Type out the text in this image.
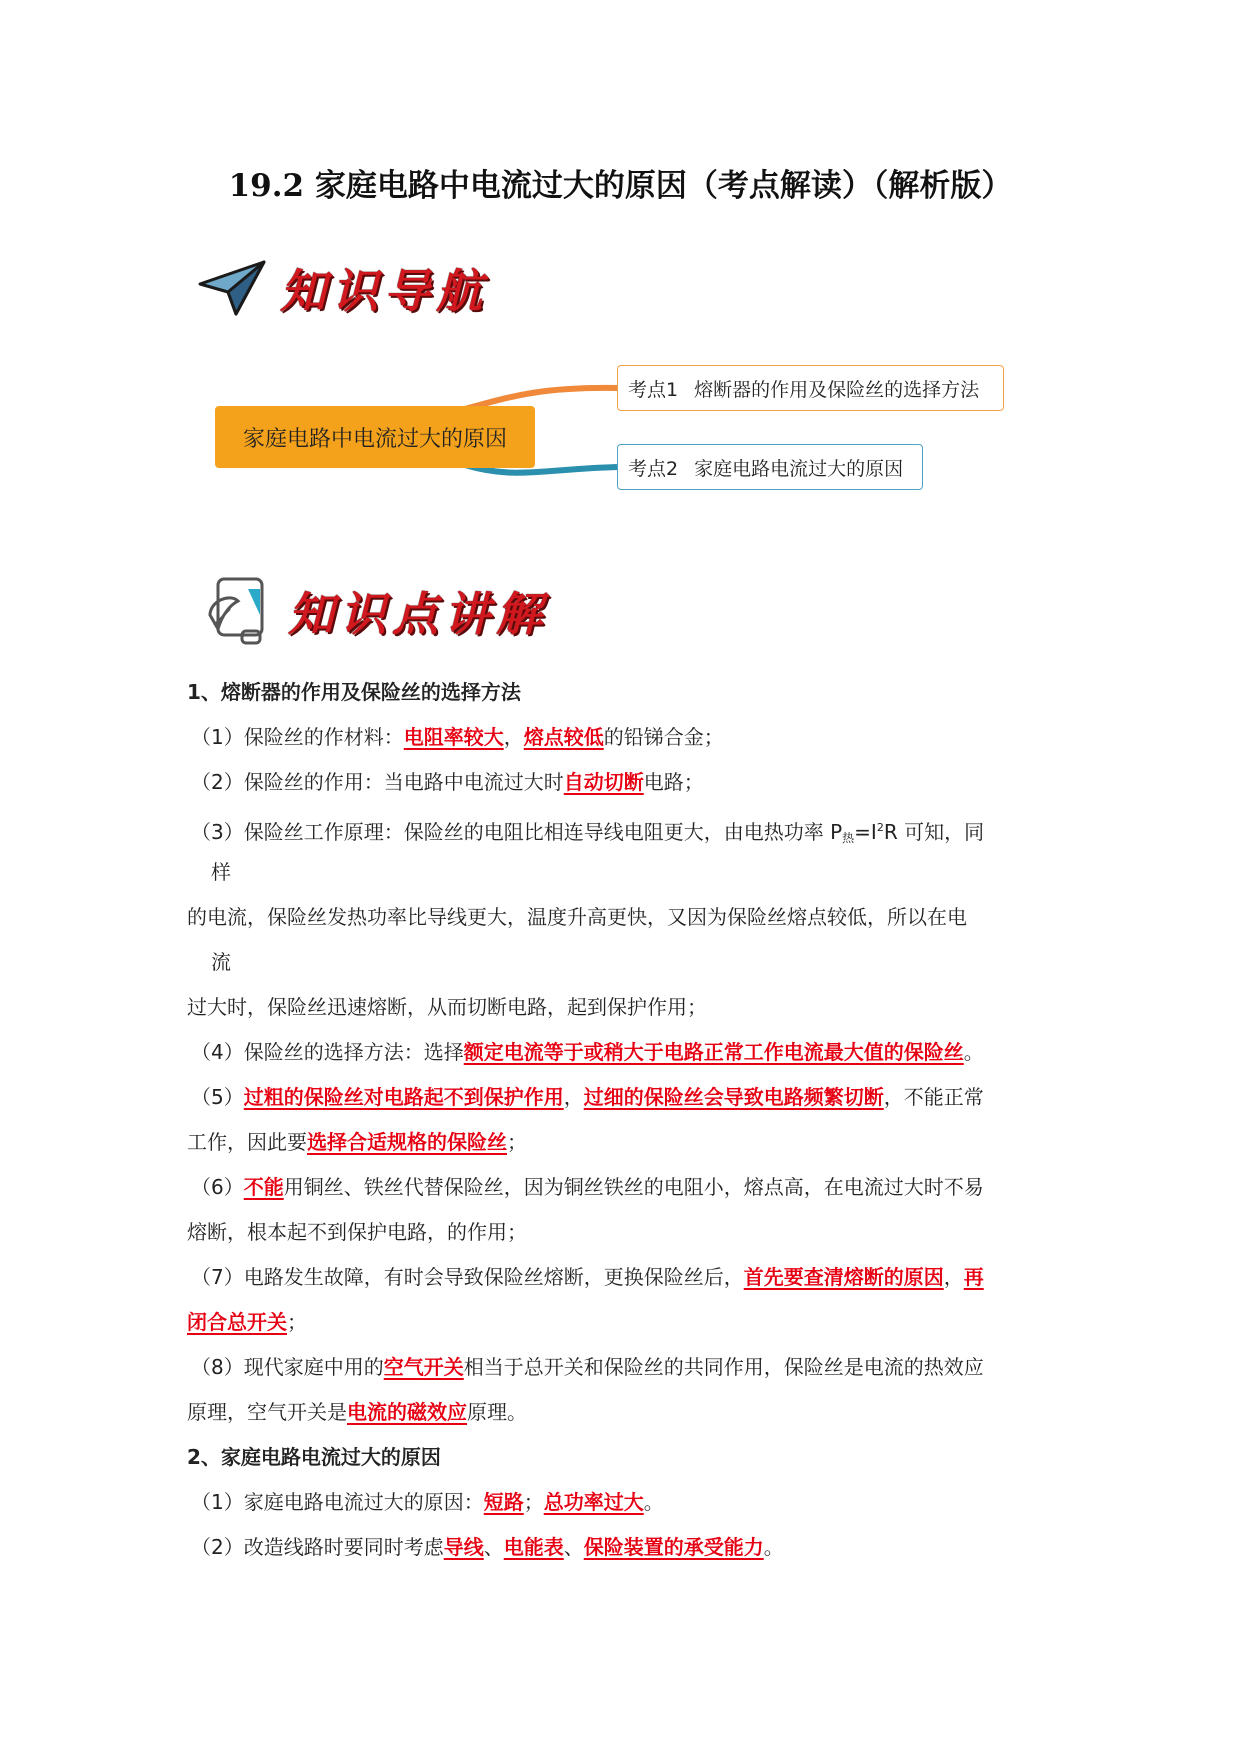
19.2 家庭电路中电流过大的原因（考点解读）（解析版）
知识导航
家庭电路中电流过大的原因
考点1 熔断器的作用及保险丝的选择方法
考点2 家庭电路电流过大的原因
知识点讲解
1、熔断器的作用及保险丝的选择方法
（1）保险丝的作材料：电阻率较大，熔点较低的铅锑合金；
（2）保险丝的作用：当电路中电流过大时自动切断电路；
（3）保险丝工作原理：保险丝的电阻比相连导线电阻更大，由电热功率 $P_热=I^2R$ 可知，同
样
的电流，保险丝发热功率比导线更大，温度升高更快，又因为保险丝熔点较低，所以在电
流
过大时，保险丝迅速熔断，从而切断电路，起到保护作用；
（4）保险丝的选择方法：选择额定电流等于或稍大于电路正常工作电流最大值的保险丝。
（5）过粗的保险丝对电路起不到保护作用，过细的保险丝会导致电路频繁切断，不能正常
工作，因此要选择合适规格的保险丝；
（6）不能用铜丝、铁丝代替保险丝，因为铜丝铁丝的电阻小，熔点高，在电流过大时不易
熔断，根本起不到保护电路，的作用；
（7）电路发生故障，有时会导致保险丝熔断，更换保险丝后，首先要查清熔断的原因，再
闭合总开关；
（8）现代家庭中用的空气开关相当于总开关和保险丝的共同作用，保险丝是电流的热效应
原理，空气开关是电流的磁效应原理。
2、家庭电路电流过大的原因
（1）家庭电路电流过大的原因：短路；总功率过大。
（2）改造线路时要同时考虑导线、电能表、保险装置的承受能力。
